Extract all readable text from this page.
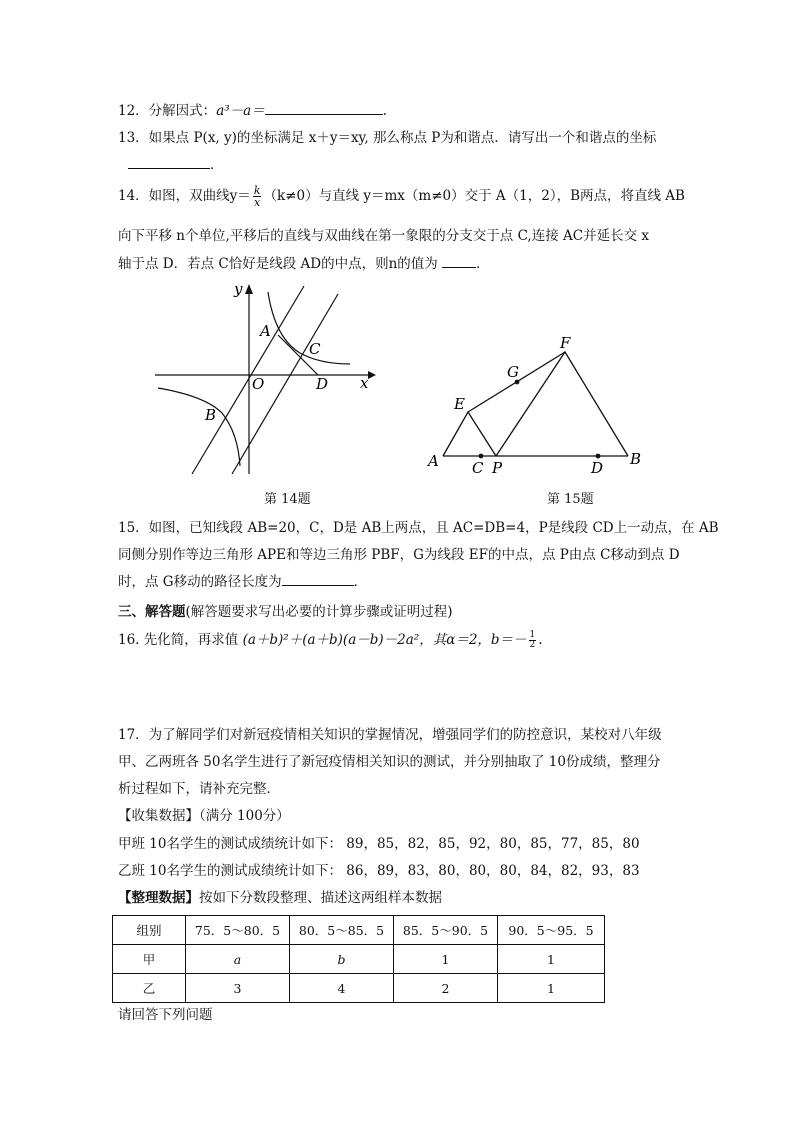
12．分解因式：a³－a＝	.
13．如果点 P(x, y)的坐标满足 x＋y＝xy, 那么称点 P为和谐点．请写出一个和谐点的坐标
．
14．如图，双曲线$y= \frac{k}{x} (k\ne 0)$与直线 y＝mx（m≠0）交于 A（1，2），B两点，将直线 AB
向下平移 n个单位,平移后的直线与双曲线在第一象限的分支交于点 C,连接 AC并延长交 x
轴于点 D．若点 C恰好是线段 AD的中点，则n的值为	．
y
x
A
C
O	D
B
第 14题
F
G
E
A C P	D B
第 15题
15．如图，已知线段 AB=20，C，D是 AB上两点，且 AC=DB=4，P是线段 CD上一动点，在 AB
同侧分别作等边三角形 APE和等边三角形 PBF，G为线段 EF的中点，点 P由点 C移动到点 D
时，点 G移动的路径长度为	．
三、解答题(解答题要求写出必要的计算步骤或证明过程)
16. 先化简，再求值 (a＋b)²＋(a＋b)(a－b)－2a²，其α＝2，$b=- \frac{1}{2}$ .
17．为了解同学们对新冠疫情相关知识的掌握情况，增强同学们的防控意识，某校对八年级
甲、乙两班各 50名学生进行了新冠疫情相关知识的测试，并分别抽取了 10份成绩，整理分
析过程如下，请补充完整．
【收集数据】（满分 100分）
甲班 10名学生的测试成绩统计如下： 89，85，82，85，92，80，85，77，85，80
乙班 10名学生的测试成绩统计如下： 86，89，83，80，80，80，84，82，93，83
【整理数据】按如下分数段整理、描述这两组样本数据
组别	75．5～80．5	80．5～85．5	85．5～90．5	90．5～95．5
甲	a	b	1	1
乙	3	4	2	1
请回答下列问题
